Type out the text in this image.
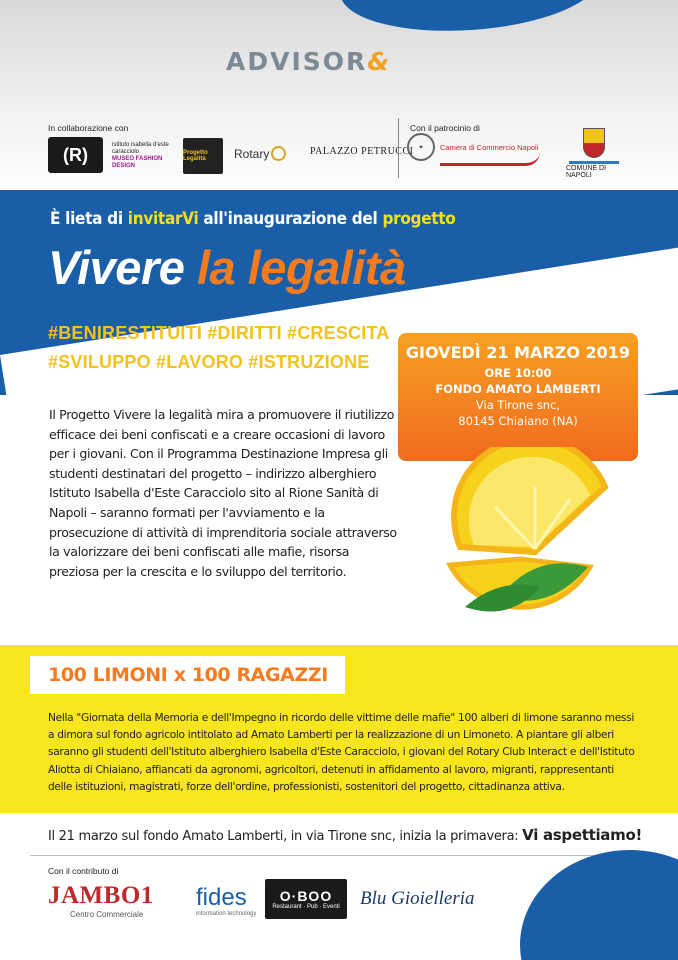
ADVISOR&
In collaborazione con	Con il patrocinio di
(R)	istituto isabella d'este caracciolo
MUSEO FASHION DESIGN
Progetto Legalità	Rotary	PALAZZO PETRUCCI ✦	Camera di Commercio Napoli
COMUNE DI NAPOLI
È lieta di invitarVi all'inaugurazione del progetto
Vivere la legalità
#BENIRESTITUITI #DIRITTI #CRESCITA
#SVILUPPO #LAVORO #ISTRUZIONE	GIOVEDÌ 21 MARZO 2019
ORE 10:00
FONDO AMATO LAMBERTI
Via Tirone snc,
80145 Chiaiano (NA)
Il Progetto Vivere la legalità mira a promuovere il riutilizzo efficace dei beni confiscati e a creare occasioni di lavoro per i giovani. Con il Programma Destinazione Impresa gli studenti destinatari del progetto – indirizzo alberghiero Istituto Isabella d'Este Caracciolo sito al Rione Sanità di Napoli – saranno formati per l'avviamento e la prosecuzione di attività di imprenditoria sociale attraverso la valorizzare dei beni confiscati alle mafie, risorsa preziosa per la crescita e lo sviluppo del territorio.
100 LIMONI x 100 RAGAZZI
Nella "Giornata della Memoria e dell'Impegno in ricordo delle vittime delle mafie" 100 alberi di limone saranno messi a dimora sul fondo agricolo intitolato ad Amato Lamberti per la realizzazione di un Limoneto. A piantare gli alberi saranno gli studenti dell'Istituto alberghiero Isabella d'Este Caracciolo, i giovani del Rotary Club Interact e dell'Istituto Aliotta di Chiaiano, affiancati da agronomi, agricoltori, detenuti in affidamento al lavoro, migranti, rappresentanti delle istituzioni, magistrati, forze dell'ordine, professionisti, sostenitori del progetto, cittadinanza attiva.
Il 21 marzo sul fondo Amato Lamberti, in via Tirone snc, inizia la primavera: Vi aspettiamo!
Con il contributo di
JAMBO1
Centro Commerciale
fides
information technology
O·BOO
Restaurant · Pub · Eventi Blu Gioielleria
